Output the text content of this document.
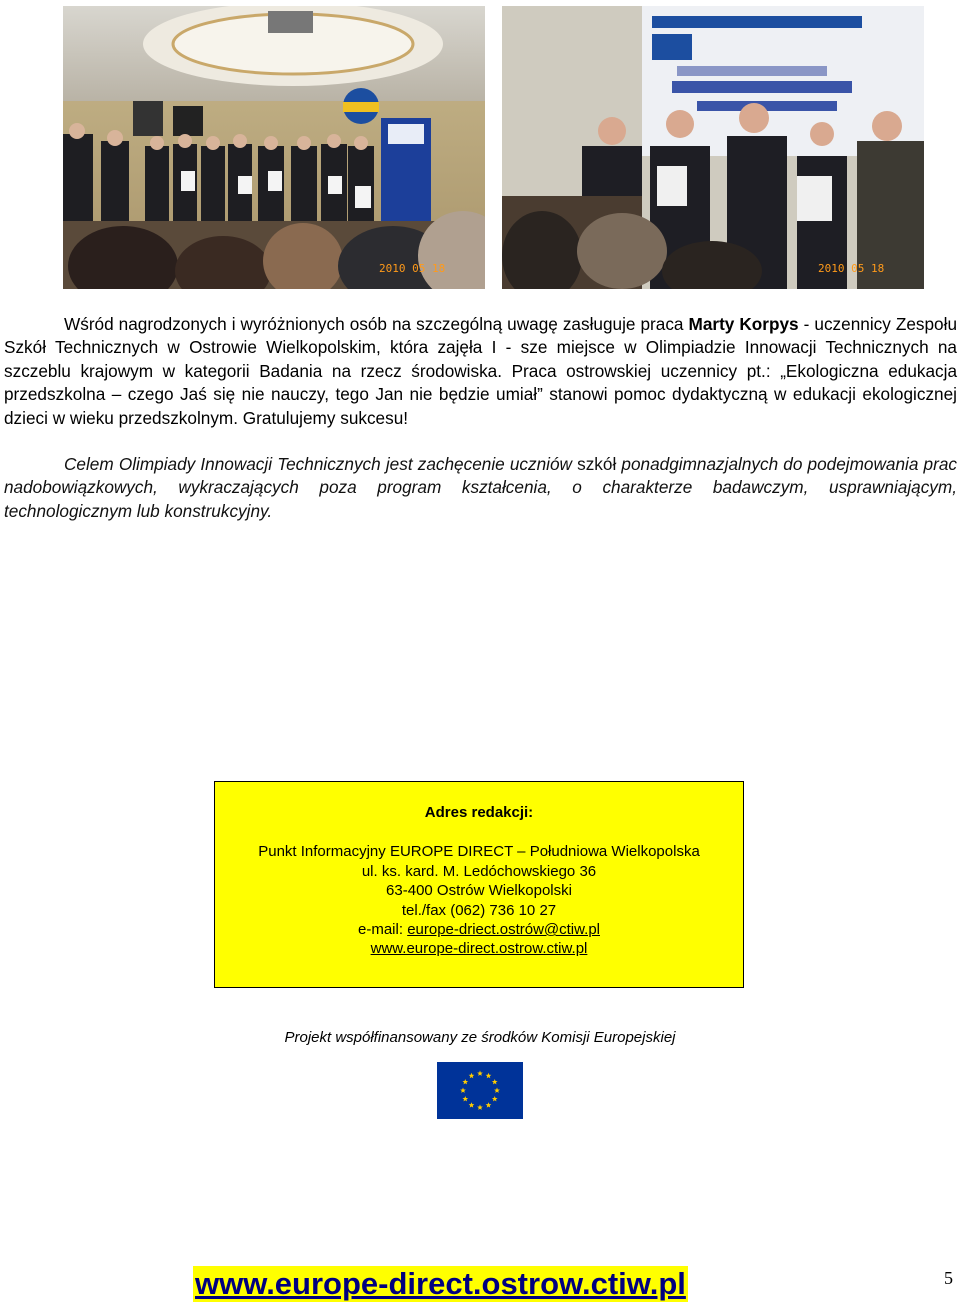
2010 05 18	2010 05 18
Wśród nagrodzonych i wyróżnionych osób na szczególną uwagę zasługuje praca Marty Korpys - uczennicy Zespołu Szkół Technicznych w Ostrowie Wielkopolskim, która zajęła I - sze miejsce w Olimpiadzie Innowacji Technicznych na szczeblu krajowym w kategorii Badania na rzecz środowiska. Praca ostrowskiej uczennicy pt.: „Ekologiczna edukacja przedszkolna – czego Jaś się nie nauczy, tego Jan nie będzie umiał” stanowi pomoc dydaktyczną w edukacji ekologicznej dzieci w wieku przedszkolnym. Gratulujemy sukcesu!
Celem Olimpiady Innowacji Technicznych jest zachęcenie uczniów szkół ponadgimnazjalnych do podejmowania prac nadobowiązkowych, wykraczających poza program kształcenia, o charakterze badawczym, usprawniającym, technologicznym lub konstrukcyjny.
Adres redakcji:
Punkt Informacyjny EUROPE DIRECT – Południowa Wielkopolska
ul. ks. kard. M. Ledóchowskiego 36
63-400 Ostrów Wielkopolski
tel./fax (062) 736 10 27
e-mail: europe-driect.ostrów@ctiw.pl
www.europe-direct.ostrow.ctiw.pl
Projekt współfinansowany ze środków Komisji Europejskiej
www.europe-direct.ostrow.ctiw.pl	5
